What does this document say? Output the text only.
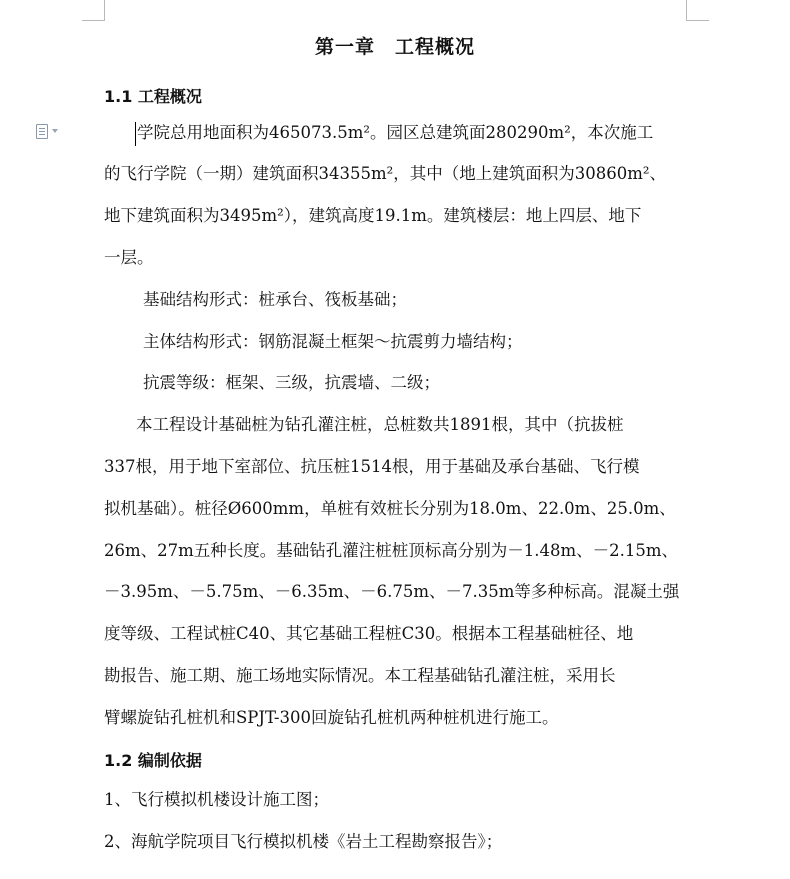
第一章　工程概况
1.1 工程概况
学院总用地面积为465073.5m²。园区总建筑面280290m²，本次施工
的飞行学院（一期）建筑面积34355m²，其中（地上建筑面积为30860m²、
地下建筑面积为3495m²），建筑高度19.1m。建筑楼层：地上四层、地下
一层。
基础结构形式：桩承台、筏板基础；
主体结构形式：钢筋混凝土框架～抗震剪力墙结构；
抗震等级：框架、三级，抗震墙、二级；
本工程设计基础桩为钻孔灌注桩，总桩数共1891根，其中（抗拔桩
337根，用于地下室部位、抗压桩1514根，用于基础及承台基础、飞行模
拟机基础）。桩径Ø600mm，单桩有效桩长分别为18.0m、22.0m、25.0m、
26m、27m五种长度。基础钻孔灌注桩桩顶标高分别为－1.48m、－2.15m、
－3.95m、－5.75m、－6.35m、－6.75m、－7.35m等多种标高。混凝土强
度等级、工程试桩C40、其它基础工程桩C30。根据本工程基础桩径、地
勘报告、施工期、施工场地实际情况。本工程基础钻孔灌注桩，采用长
臂螺旋钻孔桩机和SPJT-300回旋钻孔桩机两种桩机进行施工。
1.2 编制依据
1、飞行模拟机楼设计施工图；
2、海航学院项目飞行模拟机楼《岩土工程勘察报告》；
